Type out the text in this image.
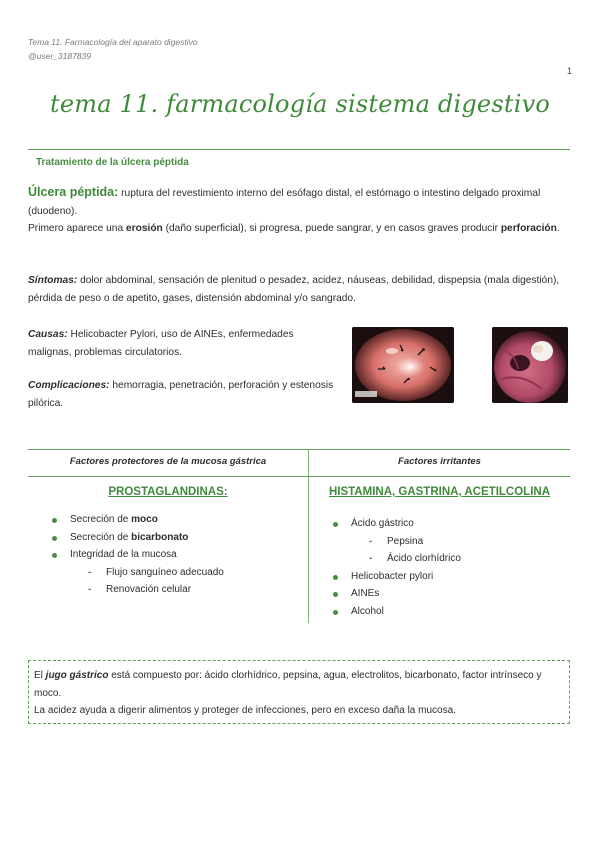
Tema 11. Farmacología del aparato digestivo
@user_3187839
1
tema 11. farmacología sistema digestivo
Tratamiento de la úlcera péptida
Úlcera péptida: ruptura del revestimiento interno del esófago distal, el estómago o intestino delgado proximal (duodeno).
Primero aparece una erosión (daño superficial), si progresa, puede sangrar, y en casos graves producir perforación.
Síntomas: dolor abdominal, sensación de plenitud o pesadez, acidez, náuseas, debilidad, dispepsia (mala digestión), pérdida de peso o de apetito, gases, distensión abdominal y/o sangrado.
Causas: Helicobacter Pylori, uso de AINEs, enfermedades malignas, problemas circulatorios.
Complicaciones: hemorragia, penetración, perforación y estenosis pilórica.
Factores protectores de la mucosa gástrica	Factores irritantes
PROSTAGLANDINAS:	HISTAMINA, GASTRINA, ACETILCOLINA
Secreción de moco
Secreción de bicarbonato
Integridad de la mucosa
- Flujo sanguíneo adecuado
- Renovación celular
Ácido gástrico
- Pepsina
- Ácido clorhídrico
Helicobacter pylori
AINEs
Alcohol

El jugo gástrico está compuesto por: ácido clorhídrico, pepsina, agua, electrolitos, bicarbonato, factor intrínseco y moco.

La acidez ayuda a digerir alimentos y proteger de infecciones, pero en exceso daña la mucosa.
